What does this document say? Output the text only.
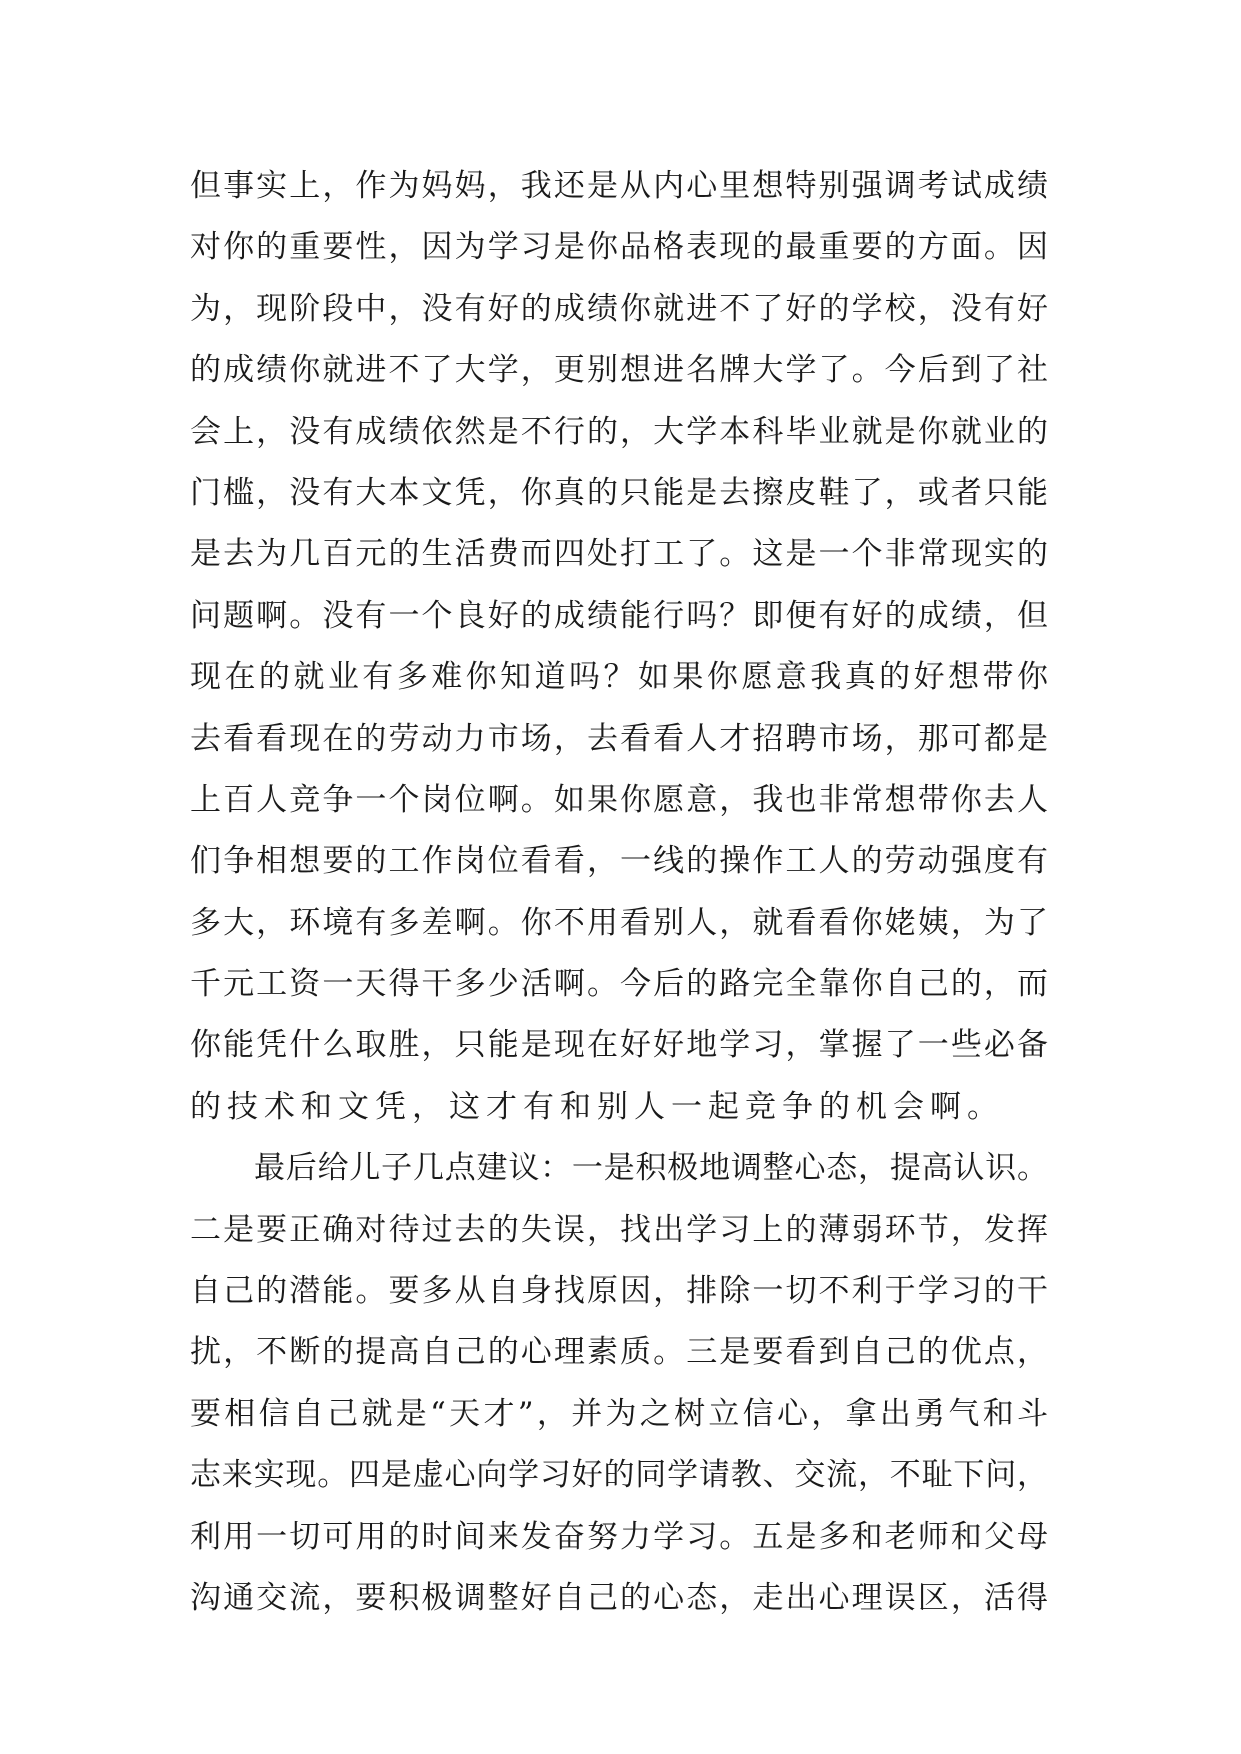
但事实上，作为妈妈，我还是从内心里想特别强调考试成绩
对你的重要性，因为学习是你品格表现的最重要的方面。因
为，现阶段中，没有好的成绩你就进不了好的学校，没有好
的成绩你就进不了大学，更别想进名牌大学了。今后到了社
会上，没有成绩依然是不行的，大学本科毕业就是你就业的
门槛，没有大本文凭，你真的只能是去擦皮鞋了，或者只能
是去为几百元的生活费而四处打工了。这是一个非常现实的
问题啊。没有一个良好的成绩能行吗？即便有好的成绩，但
现在的就业有多难你知道吗？如果你愿意我真的好想带你
去看看现在的劳动力市场，去看看人才招聘市场，那可都是
上百人竞争一个岗位啊。如果你愿意，我也非常想带你去人
们争相想要的工作岗位看看，一线的操作工人的劳动强度有
多大，环境有多差啊。你不用看别人，就看看你姥姨，为了
千元工资一天得干多少活啊。今后的路完全靠你自己的，而
你能凭什么取胜，只能是现在好好地学习，掌握了一些必备
的技术和文凭，这才有和别人一起竞争的机会啊。
最后给儿子几点建议：一是积极地调整心态，提高认识。
二是要正确对待过去的失误，找出学习上的薄弱环节，发挥
自己的潜能。要多从自身找原因，排除一切不利于学习的干
扰，不断的提高自己的心理素质。三是要看到自己的优点，
要相信自己就是“天才”，并为之树立信心，拿出勇气和斗
志来实现。四是虚心向学习好的同学请教、交流，不耻下问，
利用一切可用的时间来发奋努力学习。五是多和老师和父母
沟通交流，要积极调整好自己的心态，走出心理误区，活得
